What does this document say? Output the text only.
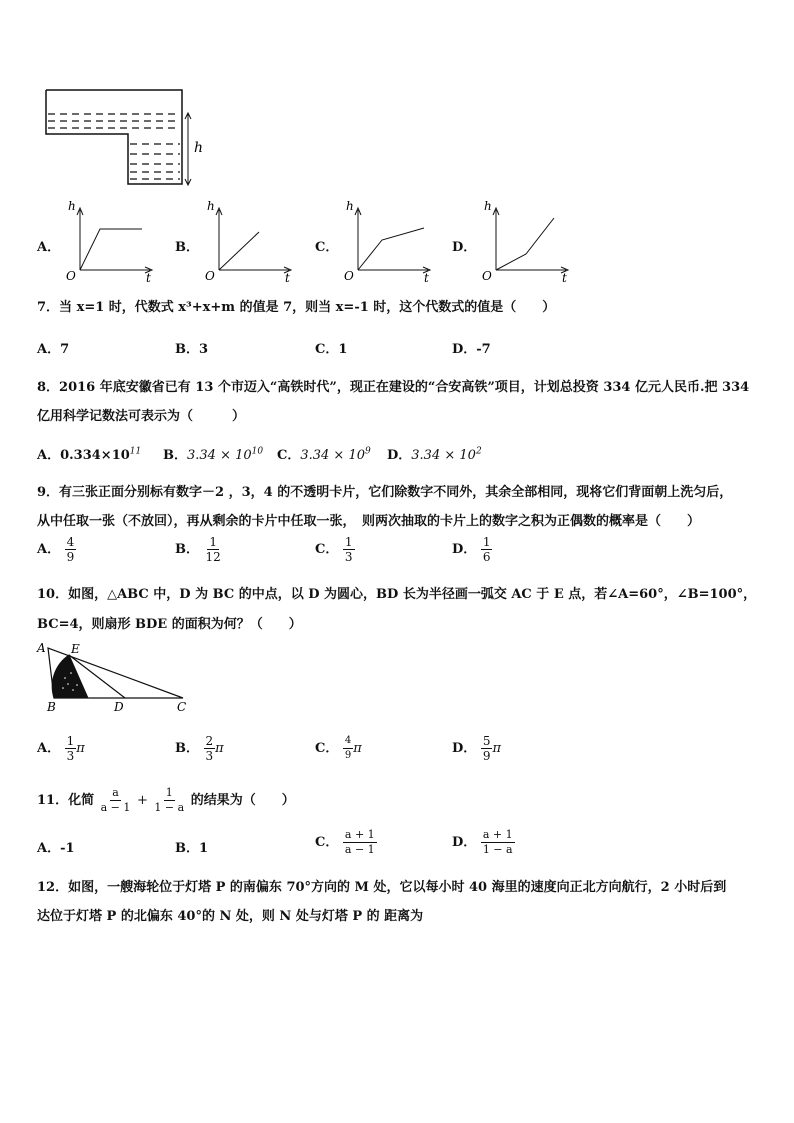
h
A．
h
O	t
B．
h
O	t
C．
h
O	t
D．
h
O	t
7．当 x=1 时，代数式 x³+x+m 的值是 7，则当 x=-1 时，这个代数式的值是（　　）
A．7	B．3	C．1	D．-7
8．2016 年底安徽省已有 13 个市迈入“高铁时代”，现正在建设的“合安高铁”项目，计划总投资 334 亿元人民币.把 334
亿用科学记数法可表示为（　　　）
A．$0.334\times 10^{11}$ B．$3.34 \times 10^{10}$ C．$3.34 \times 10^9$ D．$3.34 \times 10^2$
9．有三张正面分别标有数字－2 ，3，4 的不透明卡片，它们除数字不同外，其余全部相同，现将它们背面朝上洗匀后，
从中任取一张（不放回），再从剩余的卡片中任取一张，　则两次抽取的卡片上的数字之积为正偶数的概率是（　　）
A． $\frac{4}{9}$	B． $\frac{1}{12}$	C． $\frac{1}{3}$	D． $\frac{1}{6}$
10．如图，△ABC 中，D 为 BC 的中点，以 D 为圆心，BD 长为半径画一弧交 AC 于 E 点，若∠A=60°，∠B=100°，
BC=4，则扇形 BDE 的面积为何？（　　）
A E
B	D	C
A． $\frac{1}{3}$ π	B． $\frac{2}{3}$ π	C． $\frac{4}{9}$ π	D． $\frac{5}{9}$ π
11．化简 $\frac{a}{a - 1} + \frac{1}{1 - a}$ 的结果为（　　）
A．-1	B．1	C． $\frac{a + 1}{a - 1}$	D． $\frac{a + 1}{1 - a}$
12．如图，一艘海轮位于灯塔 P 的南偏东 70°方向的 M 处，它以每小时 40 海里的速度向正北方向航行，2 小时后到
达位于灯塔 P 的北偏东 40°的 N 处，则 N 处与灯塔 P 的 距离为
